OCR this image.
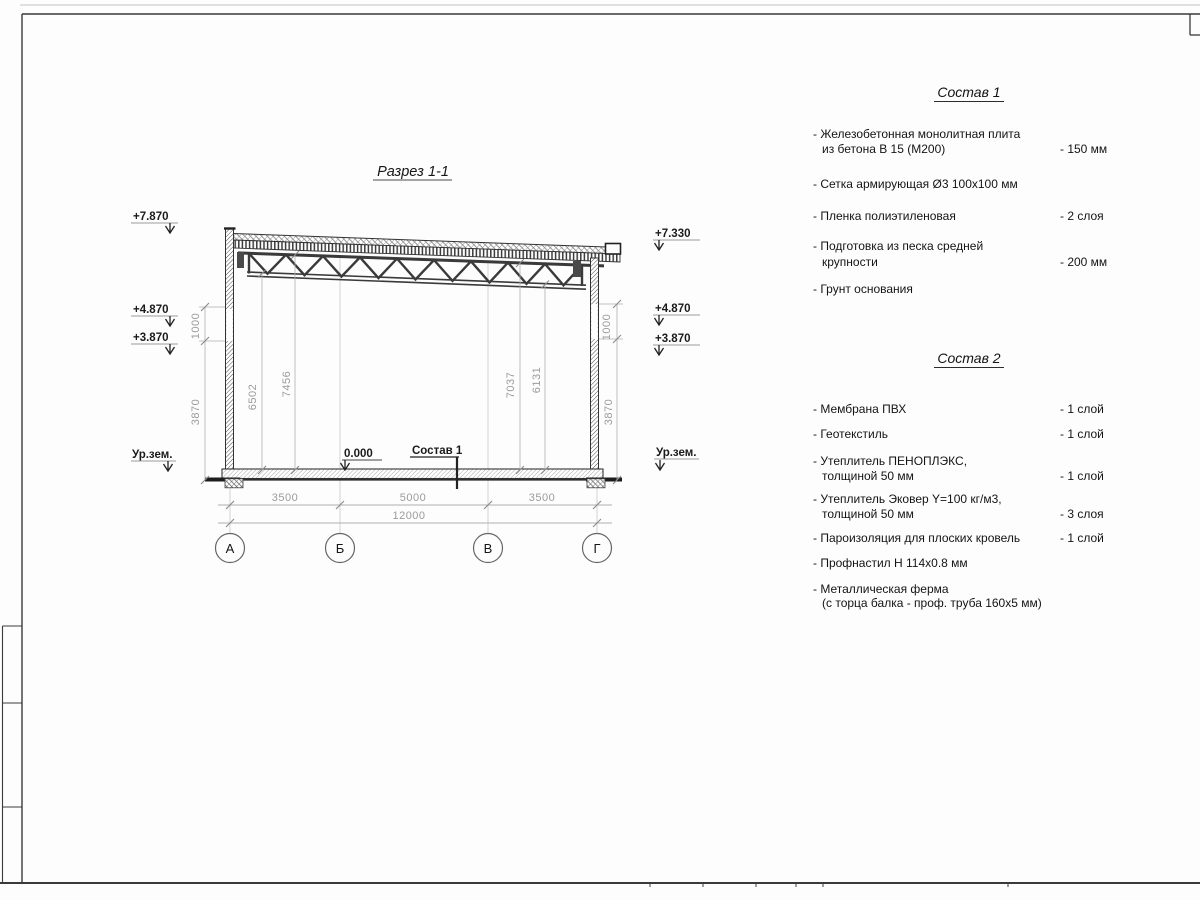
Разрез 1-1
6502 7456	7037 6131
1000
3870
1000
3870
3500	5000	3500
12000
А	Б	В	Г
+7.870
+4.870
+3.870
Ур.зем.
+7.330
+4.870
+3.870
Ур.зем.
0.000	Состав 1
Состав 1
- Железобетонная монолитная плита
из бетона В 15 (М200)	- 150 мм
- Сетка армирующая Ø3 100х100 мм
- Пленка полиэтиленовая	- 2 слоя
- Подготовка из песка средней
крупности	- 200 мм
- Грунт основания
Состав 2
- Мембрана ПВХ	- 1 слой
- Геотекстиль	- 1 слой
- Утеплитель ПЕНОПЛЭКС,
толщиной 50 мм	- 1 слой
- Утеплитель Эковер Y=100 кг/м3,
толщиной 50 мм	- 3 слоя
- Пароизоляция для плоских кровель	- 1 слой
- Профнастил Н 114х0.8 мм
- Металлическая ферма
(с торца балка - проф. труба 160х5 мм)
